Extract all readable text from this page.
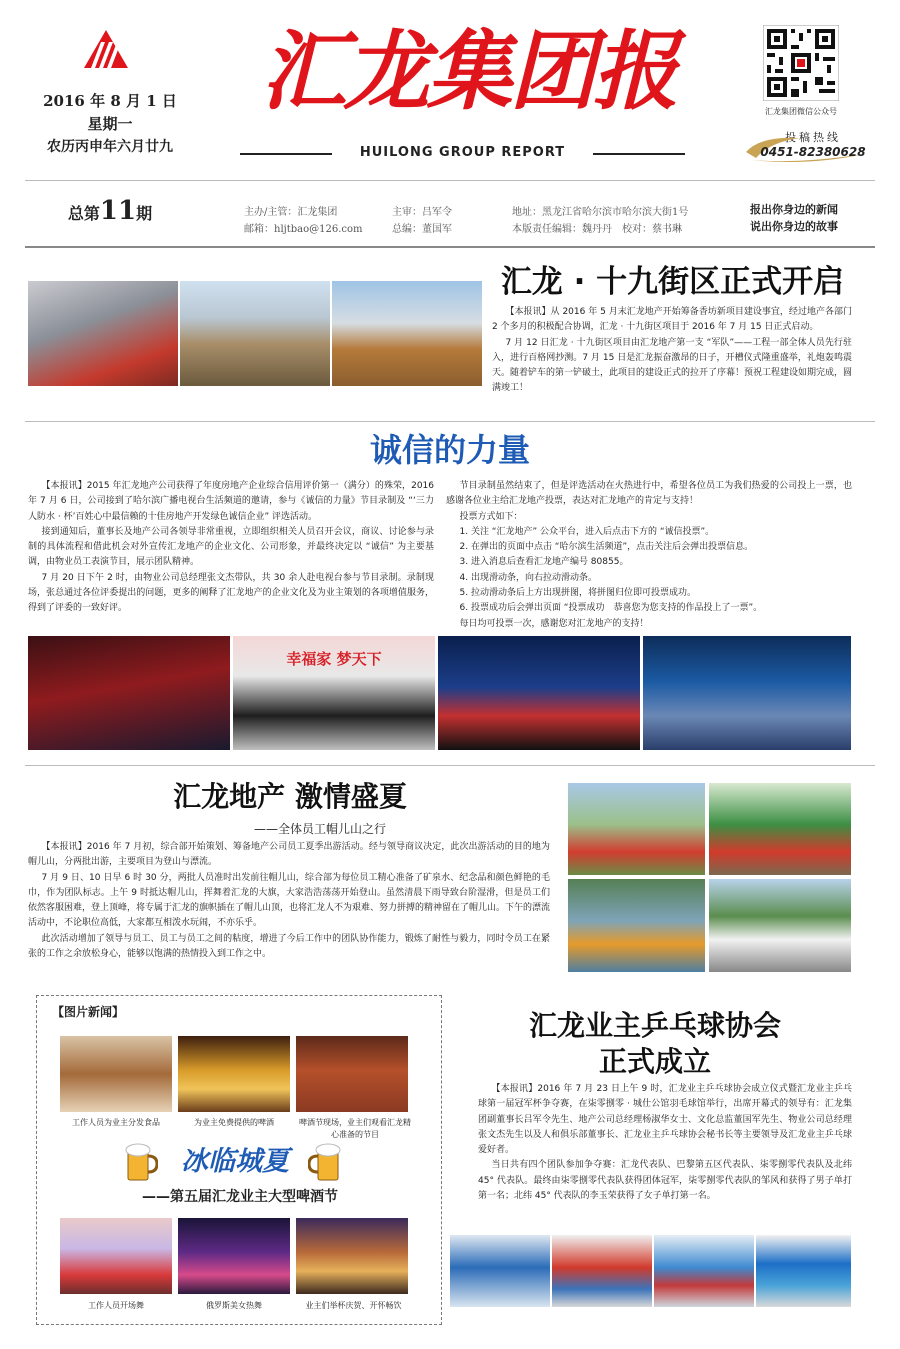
2016 年 8 月 1 日
星期一
农历丙申年六月廿九
汇龙集团报
HUILONG GROUP REPORT
汇龙集团微信公众号
投稿热线
0451-82380628
总第11期	主办/主管：汇龙集团
邮箱：hljtbao@126.com
主审：吕军令
总编：董国军
地址：黑龙江省哈尔滨市哈尔滨大街1号
本版责任编辑：魏丹丹　校对：蔡书琳
报出你身边的新闻
说出你身边的故事
汇龙 · 十九街区正式开启

【本报讯】从 2016 年 5 月末汇龙地产开始筹备香坊新项目建设事宜，经过地产各部门 2 个多月的积极配合协调，汇龙 · 十九街区项目于 2016 年 7 月 15 日正式启动。

7 月 12 日汇龙 · 十九街区项目由汇龙地产第一支 “军队”——工程一部全体人员先行驻入，进行百格网抄测。7 月 15 日是汇龙振奋激昂的日子，开槽仪式隆重盛举，礼炮轰鸣震天。随着铲车的第一铲破土，此项目的建设正式的拉开了序幕！预祝工程建设如期完成，圆满竣工！

诚信的力量

【本报讯】2015 年汇龙地产公司获得了年度房地产企业综合信用评价第一（满分）的殊荣，2016 年 7 月 6 日，公司接到了哈尔滨广播电视台生活频道的邀请，参与《诚信的力量》节目录制及 “‘三力人防水 · 杯’百姓心中最信赖的十佳房地产开发绿色诚信企业” 评选活动。

接到通知后，董事长及地产公司各领导非常重视，立即组织相关人员召开会议，商议、讨论参与录制的具体流程和借此机会对外宣传汇龙地产的企业文化、公司形象，并最终决定以 “诚信” 为主要基调，由物业员工表演节目，展示团队精神。

7 月 20 日下午 2 时，由物业公司总经理张文杰带队，共 30 余人赴电视台参与节目录制。录制现场，张总通过各位评委提出的问题，更多的阐释了汇龙地产的企业文化及为业主策划的各项增值服务，得到了评委的一致好评。

节目录制虽然结束了，但是评选活动在火热进行中，希望各位员工为我们热爱的公司投上一票，也感谢各位业主给汇龙地产投票，表达对汇龙地产的肯定与支持！

投票方式如下：

1. 关注 “汇龙地产” 公众平台，进入后点击下方的 “诚信投票”。

2. 在弹出的页面中点击 “哈尔滨生活频道”，点击关注后会弹出投票信息。

3. 进入消息后查看汇龙地产编号 80855。

4. 出现滑动条，向右拉动滑动条。

5. 拉动滑动条后上方出现拼图，将拼图归位即可投票成功。

6. 投票成功后会弹出页面 “投票成功　恭喜您为您支持的作品投上了一票”。

每日均可投票一次，感谢您对汇龙地产的支持！

幸福家 梦天下
汇龙地产 激情盛夏
——全体员工帽儿山之行

【本报讯】2016 年 7 月初，综合部开始策划、筹备地产公司员工夏季出游活动。经与领导商议决定，此次出游活动的目的地为帽儿山，分两批出游，主要项目为登山与漂流。

7 月 9 日、10 日早 6 时 30 分，两批人员准时出发前往帽儿山，综合部为每位员工精心准备了矿泉水、纪念品和颜色鲜艳的毛巾，作为团队标志。上午 9 时抵达帽儿山，挥舞着汇龙的大旗，大家浩浩荡荡开始登山。虽然清晨下雨导致台阶湿滑，但是员工们依然客服困难，登上顶峰，将专属于汇龙的旗帜插在了帽儿山顶，也将汇龙人不为艰难、努力拼搏的精神留在了帽儿山。下午的漂流活动中，不论职位高低，大家都互相泼水玩闹，不亦乐乎。

此次活动增加了领导与员工、员工与员工之间的粘度，增进了今后工作中的团队协作能力，锻炼了耐性与毅力，同时令员工在紧张的工作之余放松身心，能够以饱满的热情投入到工作之中。

【图片新闻】
工作人员为业主分发食品	为业主免费提供的啤酒	啤酒节现场，业主们观看汇龙精心准备的节目
冰临城夏
——第五届汇龙业主大型啤酒节
工作人员开场舞	俄罗斯美女热舞	业主们举杯庆贺、开怀畅饮
汇龙业主乒乓球协会
正式成立

【本报讯】2016 年 7 月 23 日上午 9 时，汇龙业主乒乓球协会成立仪式暨汇龙业主乒乓球第一届冠军杯争夺赛，在柒零捌零 · 城仕公馆羽毛球馆举行，出席开幕式的领导有：汇龙集团副董事长吕军令先生、地产公司总经理杨淑华女士、文化总监董国军先生、物业公司总经理张文杰先生以及人和俱乐部董事长、汇龙业主乒乓球协会秘书长等主要领导及汇龙业主乒乓球爱好者。

当日共有四个团队参加争夺赛：汇龙代表队、巴黎第五区代表队、柒零捌零代表队及北纬 45° 代表队。最终由柒零捌零代表队获得团体冠军，柒零捌零代表队的邹风和获得了男子单打第一名；北纬 45° 代表队的李玉荣获得了女子单打第一名。
